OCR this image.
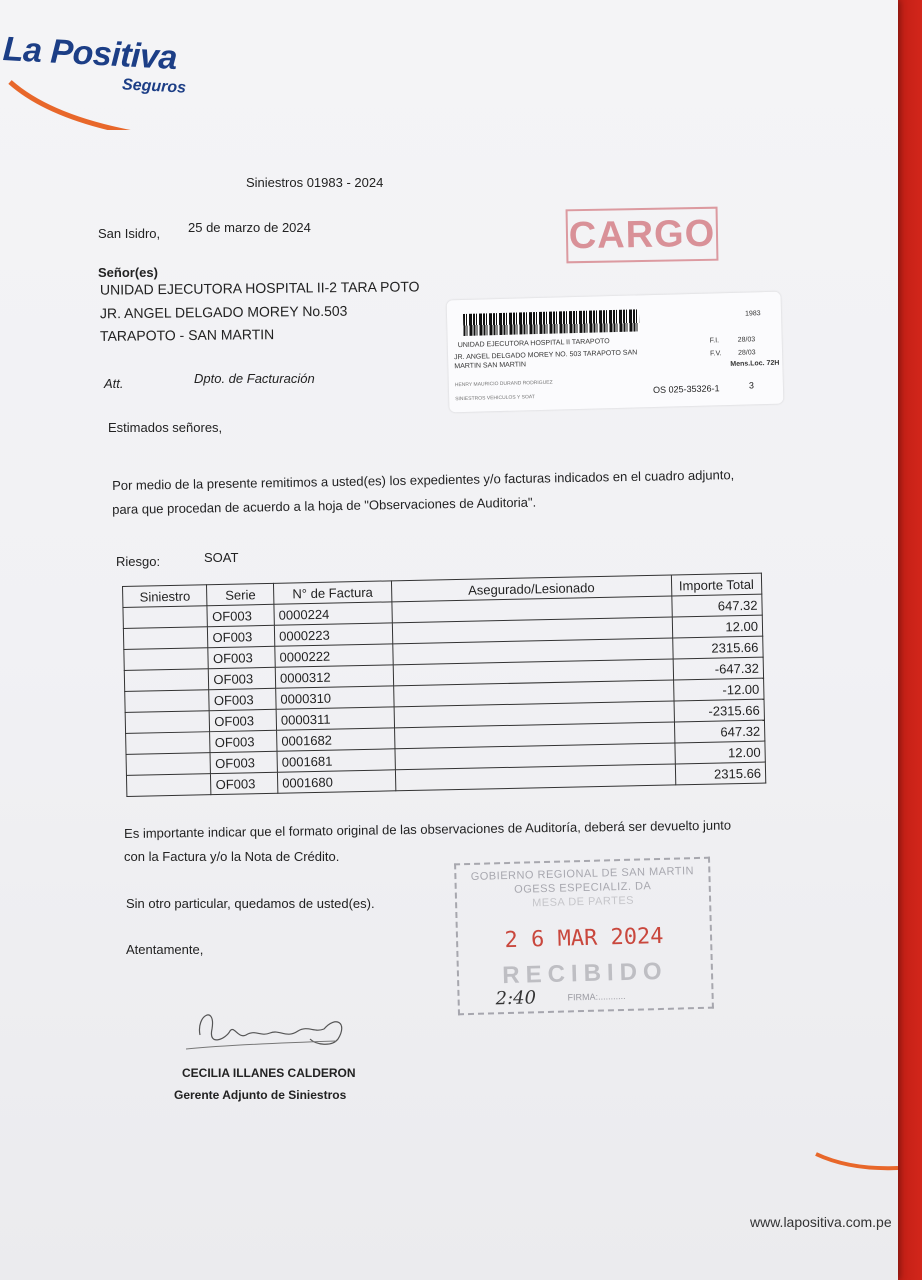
La Positiva
Seguros
Siniestros 01983 - 2024
San Isidro, 25 de marzo de 2024	CARGO
Señor(es)
UNIDAD EJECUTORA HOSPITAL II-2 TARA POTO
JR. ANGEL DELGADO MOREY No.503
TARAPOTO - SAN MARTIN
Att.	Dpto. de Facturación
1983
UNIDAD EJECUTORA HOSPITAL II TARAPOTO
JR. ANGEL DELGADO MOREY NO. 503 TARAPOTO SAN
MARTIN SAN MARTIN
HENRY MAURICIO DURAND RODRIGUEZ
SINIESTROS VEHICULOS Y SOAT
F.I.	28/03
F.V. 28/03
Mens.Loc. 72H
OS 025-35326-1	3
Estimados señores,
Por medio de la presente remitimos a usted(es) los expedientes y/o facturas indicados en el cuadro adjunto,
para que procedan de acuerdo a la hoja de "Observaciones de Auditoria".
Riesgo:	SOAT
Siniestro	Serie	N° de Factura	Asegurado/Lesionado	Importe Total
	OF003	0000224		647.32
	OF003	0000223		12.00
	OF003	0000222		2315.66
	OF003	0000312		-647.32
	OF003	0000310		-12.00
	OF003	0000311		-2315.66
	OF003	0001682		647.32
	OF003	0001681		12.00
	OF003	0001680		2315.66
Es importante indicar que el formato original de las observaciones de Auditoría, deberá ser devuelto junto
con la Factura y/o la Nota de Crédito.
Sin otro particular, quedamos de usted(es).
Atentamente,
GOBIERNO REGIONAL DE SAN MARTIN
OGESS ESPECIALIZ. DA
MESA DE PARTES
2 6 MAR 2024
RECIBIDO
2:40	FIRMA:...........
CECILIA ILLANES CALDERON
Gerente Adjunto de Siniestros
www.lapositiva.com.pe
